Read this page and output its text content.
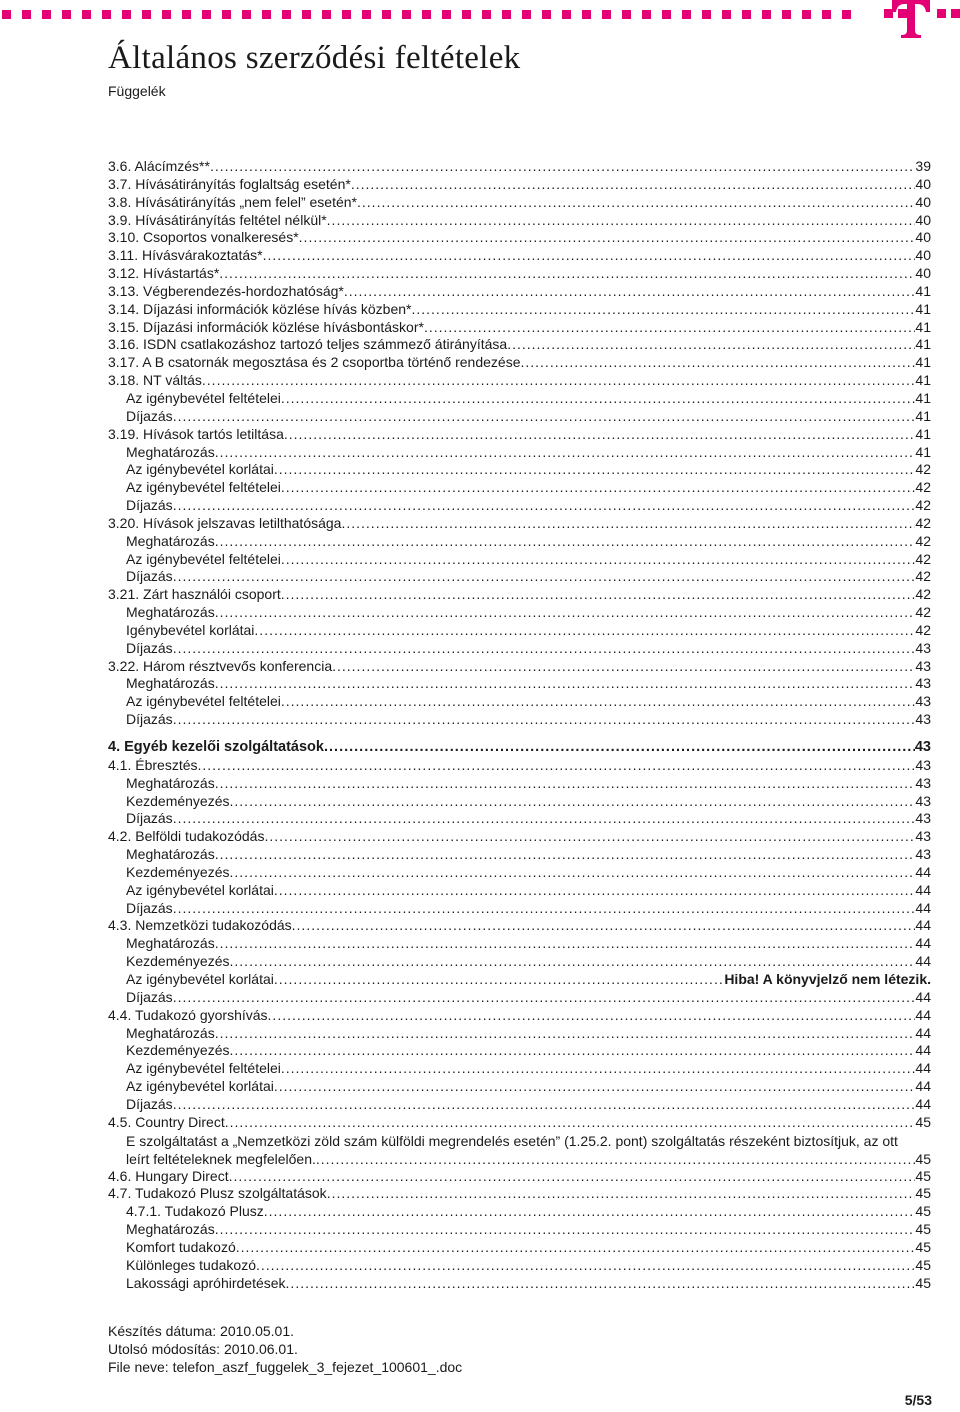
Általános szerződési feltételek
Függelék
3.6. Alácímzés** .....	39
3.7. Hívásátirányítás foglaltság esetén* .....	40
3.8. Hívásátirányítás „nem felel” esetén* .....	40
3.9. Hívásátirányítás feltétel nélkül* .....	40
3.10. Csoportos vonalkeresés* .....	40
3.11. Hívásvárakoztatás* .....	40
3.12. Hívástartás* .....	40
3.13. Végberendezés-hordozhatóság* .....	41
3.14. Díjazási információk közlése hívás közben* .....	41
3.15. Díjazási információk közlése hívásbontáskor* .....	41
3.16. ISDN csatlakozáshoz tartozó teljes számmező átirányítása .....	41
3.17. A B csatornák megosztása és 2 csoportba történő rendezése .....	41
3.18. NT váltás .....	41
Az igénybevétel feltételei .....	41
Díjazás .....	41
3.19. Hívások tartós letiltása .....	41
Meghatározás .....	41
Az igénybevétel korlátai .....	42
Az igénybevétel feltételei .....	42
Díjazás .....	42
3.20. Hívások jelszavas letilthatósága .....	42
Meghatározás .....	42
Az igénybevétel feltételei .....	42
Díjazás .....	42
3.21. Zárt használói csoport .....	42
Meghatározás .....	42
Igénybevétel korlátai .....	42
Díjazás .....	43
3.22. Három résztvevős konferencia .....	43
Meghatározás .....	43
Az igénybevétel feltételei .....	43
Díjazás .....	43
4. Egyéb kezelői szolgáltatások .....	43
4.1. Ébresztés .....	43
Meghatározás .....	43
Kezdeményezés .....	43
Díjazás .....	43
4.2. Belföldi tudakozódás .....	43
Meghatározás .....	43
Kezdeményezés .....	44
Az igénybevétel korlátai .....	44
Díjazás .....	44
4.3. Nemzetközi tudakozódás .....	44
Meghatározás .....	44
Kezdeményezés .....	44
Az igénybevétel korlátai .....	Hiba! A könyvjelző nem létezik.
Díjazás .....	44
4.4. Tudakozó gyorshívás .....	44
Meghatározás .....	44
Kezdeményezés .....	44
Az igénybevétel feltételei .....	44
Az igénybevétel korlátai .....	44
Díjazás .....	44
4.5. Country Direct .....	45
E szolgáltatást a „Nemzetközi zöld szám külföldi megrendelés esetén” (1.25.2. pont) szolgáltatás részeként biztosítjuk, az ott
leírt feltételeknek megfelelően. .....	45
4.6. Hungary Direct .....	45
4.7. Tudakozó Plusz szolgáltatások .....	45
4.7.1. Tudakozó Plusz .....	45
Meghatározás .....	45
Komfort tudakozó .....	45
Különleges tudakozó .....	45
Lakossági apróhirdetések .....	45
Készítés dátuma: 2010.05.01.
Utolsó módosítás: 2010.06.01.
File neve: telefon_aszf_fuggelek_3_fejezet_100601_.doc
5/53
